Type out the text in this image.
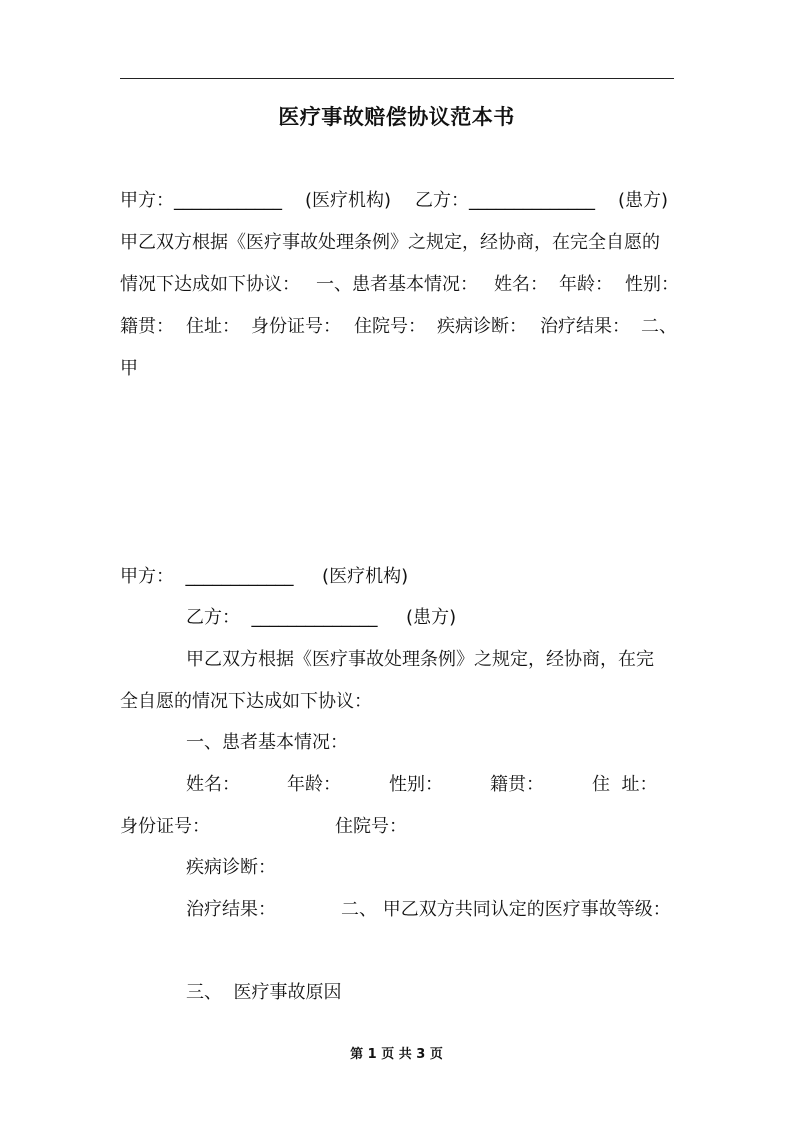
医疗事故赔偿协议范本书
甲方： ____________ (医疗机构) 乙方： ______________ (患方)
甲乙双方根据《医疗事故处理条例》之规定，经协商，在完全自愿的
情况下达成如下协议： 一、患者基本情况： 姓名： 年龄： 性别：
籍贯： 住址： 身份证号： 住院号： 疾病诊断： 治疗结果： 二、
甲
甲方：  ____________     (医疗机构)
乙方：  ______________     (患方)
甲乙双方根据《医疗事故处理条例》之规定，经协商，在完
全自愿的情况下达成如下协议：
一、患者基本情况：
姓名：	年龄：	性别：	籍贯：	住  址：
身份证号：	住院号：
疾病诊断：
治疗结果：	二、 甲乙双方共同认定的医疗事故等级：
三、  医疗事故原因
第 1 页 共 3 页
